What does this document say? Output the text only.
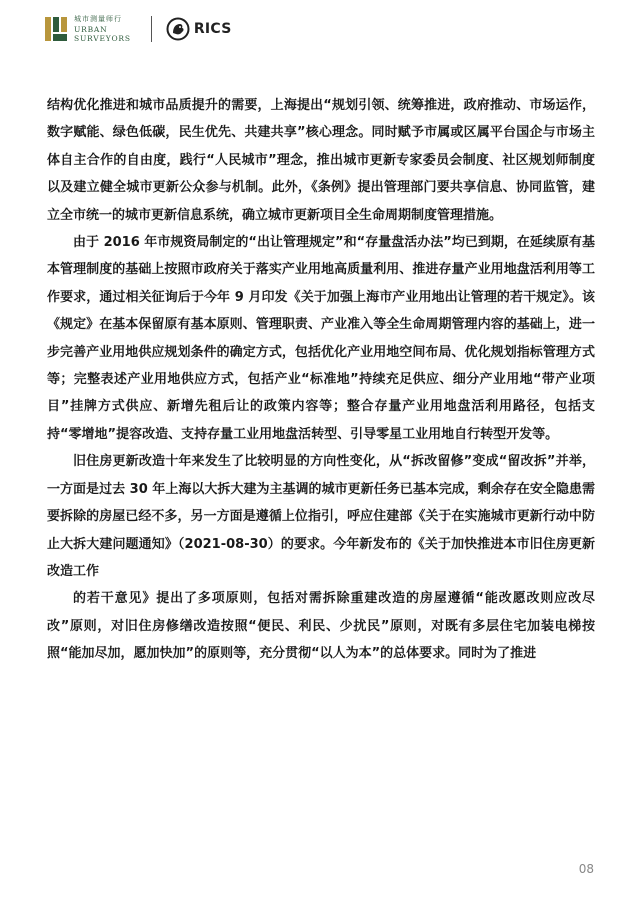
城市测量师行
URBAN
SURVEYORS
RICS

结构优化推进和城市品质提升的需要，上海提出“规划引领、统筹推进，政府推动、市场运作，数字赋能、绿色低碳，民生优先、共建共享”核心理念。同时赋予市属或区属平台国企与市场主体自主合作的自由度，践行“人民城市”理念，推出城市更新专家委员会制度、社区规划师制度以及建立健全城市更新公众参与机制。此外，《条例》提出管理部门要共享信息、协同监管，建立全市统一的城市更新信息系统，确立城市更新项目全生命周期制度管理措施。

由于 2016 年市规资局制定的“出让管理规定”和“存量盘活办法”均已到期，在延续原有基本管理制度的基础上按照市政府关于落实产业用地高质量利用、推进存量产业用地盘活利用等工作要求，通过相关征询后于今年 9 月印发《关于加强上海市产业用地出让管理的若干规定》。该《规定》在基本保留原有基本原则、管理职责、产业准入等全生命周期管理内容的基础上，进一步完善产业用地供应规划条件的确定方式，包括优化产业用地空间布局、优化规划指标管理方式等；完整表述产业用地供应方式，包括产业“标准地”持续充足供应、细分产业用地“带产业项目”挂牌方式供应、新增先租后让的政策内容等；整合存量产业用地盘活利用路径，包括支持“零增地”提容改造、支持存量工业用地盘活转型、引导零星工业用地自行转型开发等。

旧住房更新改造十年来发生了比较明显的方向性变化，从“拆改留修”变成“留改拆”并举，一方面是过去 30 年上海以大拆大建为主基调的城市更新任务已基本完成，剩余存在安全隐患需要拆除的房屋已经不多，另一方面是遵循上位指引，呼应住建部《关于在实施城市更新行动中防止大拆大建问题通知》（2021-08-30）的要求。今年新发布的《关于加快推进本市旧住房更新改造工作

的若干意见》提出了多项原则，包括对需拆除重建改造的房屋遵循“能改愿改则应改尽改”原则，对旧住房修缮改造按照“便民、利民、少扰民”原则，对既有多层住宅加装电梯按照“能加尽加，愿加快加”的原则等，充分贯彻“以人为本”的总体要求。同时为了推进

08
